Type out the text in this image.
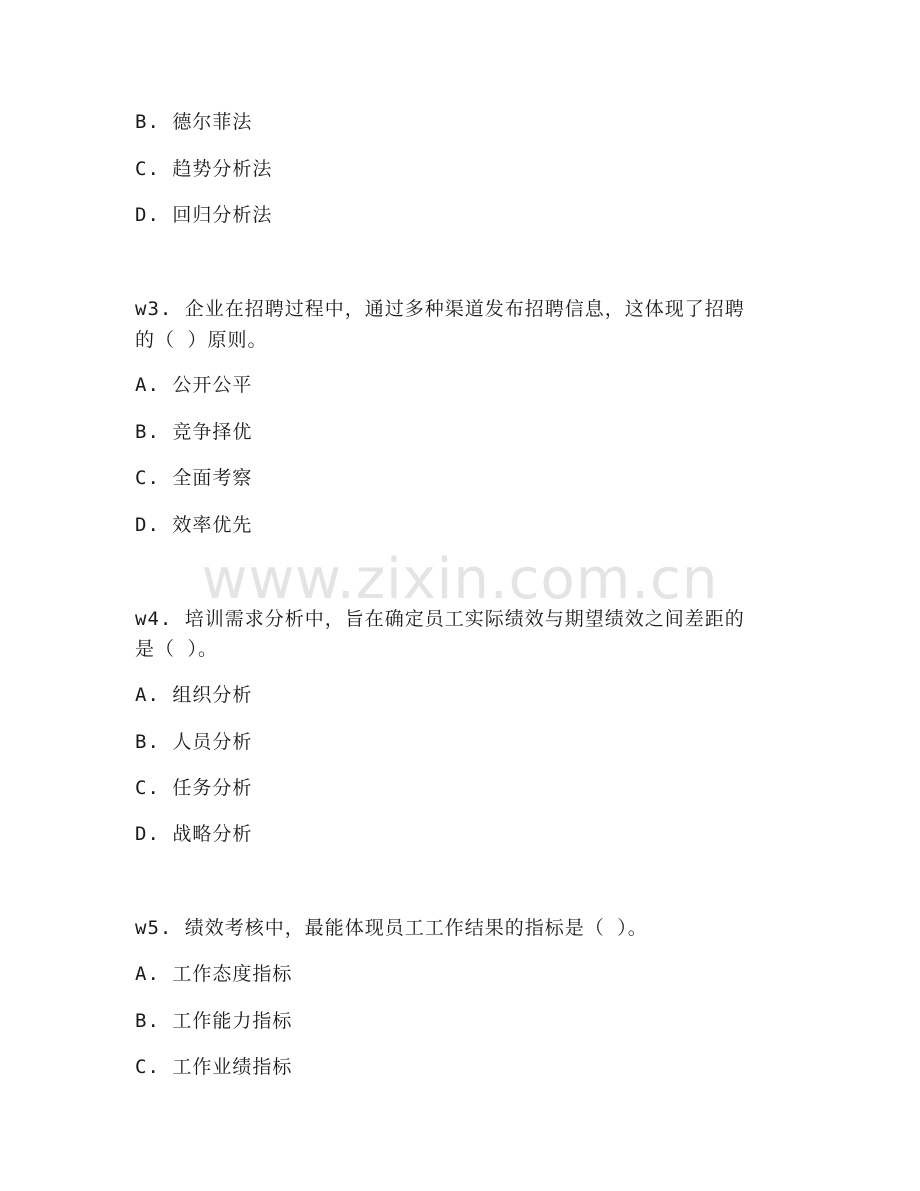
www.zixin.com.cn
B. 德尔菲法
C. 趋势分析法
D. 回归分析法
w3. 企业在招聘过程中，通过多种渠道发布招聘信息，这体现了招聘
的（ ）原则。
A. 公开公平
B. 竞争择优
C. 全面考察
D. 效率优先
w4. 培训需求分析中，旨在确定员工实际绩效与期望绩效之间差距的
是（ ）。
A. 组织分析
B. 人员分析
C. 任务分析
D. 战略分析
w5. 绩效考核中，最能体现员工工作结果的指标是（ ）。
A. 工作态度指标
B. 工作能力指标
C. 工作业绩指标
